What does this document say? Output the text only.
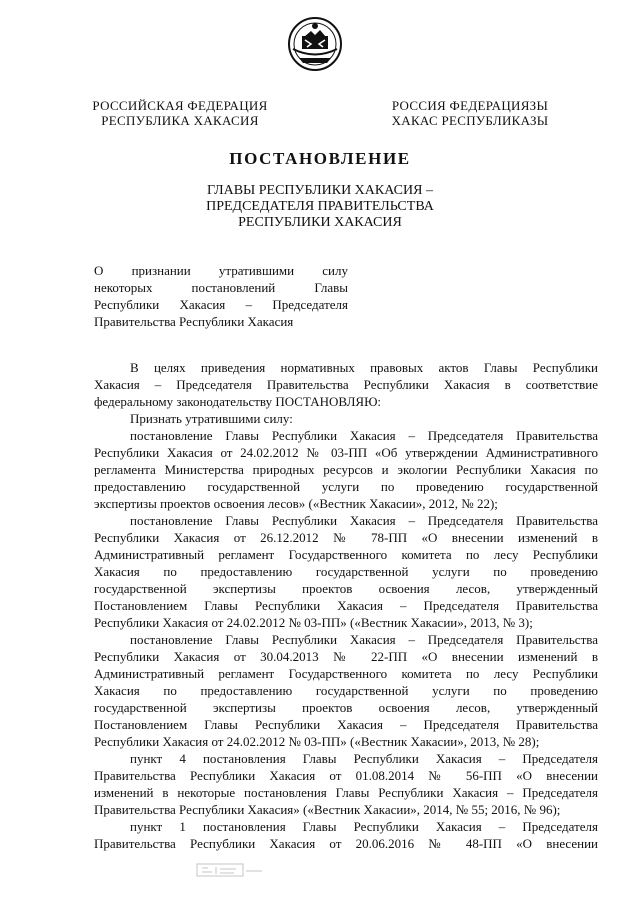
РОССИЙСКАЯ ФЕДЕРАЦИЯ
РЕСПУБЛИКА ХАКАСИЯ
РОССИЯ ФЕДЕРАЦИЯЗЫ
ХАКАС РЕСПУБЛИКАЗЫ
ПОСТАНОВЛЕНИЕ
ГЛАВЫ РЕСПУБЛИКИ ХАКАСИЯ –
ПРЕДСЕДАТЕЛЯ ПРАВИТЕЛЬСТВА
РЕСПУБЛИКИ ХАКАСИЯ
О признании утратившими силу
некоторых постановлений Главы
Республики Хакасия – Председателя
Правительства Республики Хакасия
В целях приведения нормативных правовых актов Главы Республики
Хакасия – Председателя Правительства Республики Хакасия в соответствие
федеральному законодательству ПОСТАНОВЛЯЮ:
Признать утратившими силу:
постановление Главы Республики Хакасия – Председателя Правительства
Республики Хакасия от 24.02.2012 № 03-ПП «Об утверждении Административного
регламента Министерства природных ресурсов и экологии Республики Хакасия по
предоставлению государственной услуги по проведению государственной
экспертизы проектов освоения лесов» («Вестник Хакасии», 2012, № 22);
постановление Главы Республики Хакасия – Председателя Правительства
Республики Хакасия от 26.12.2012 № 78-ПП «О внесении изменений в
Административный регламент Государственного комитета по лесу Республики
Хакасия по предоставлению государственной услуги по проведению
государственной экспертизы проектов освоения лесов, утвержденный
Постановлением Главы Республики Хакасия – Председателя Правительства
Республики Хакасия от 24.02.2012 № 03-ПП» («Вестник Хакасии», 2013, № 3);
постановление Главы Республики Хакасия – Председателя Правительства
Республики Хакасия от 30.04.2013 № 22-ПП «О внесении изменений в
Административный регламент Государственного комитета по лесу Республики
Хакасия по предоставлению государственной услуги по проведению
государственной экспертизы проектов освоения лесов, утвержденный
Постановлением Главы Республики Хакасия – Председателя Правительства
Республики Хакасия от 24.02.2012 № 03-ПП» («Вестник Хакасии», 2013, № 28);
пункт 4 постановления Главы Республики Хакасия – Председателя
Правительства Республики Хакасия от 01.08.2014 № 56-ПП «О внесении
изменений в некоторые постановления Главы Республики Хакасия – Председателя
Правительства Республики Хакасия» («Вестник Хакасии», 2014, № 55; 2016, № 96);
пункт 1 постановления Главы Республики Хакасия – Председателя
Правительства Республики Хакасия от 20.06.2016 № 48-ПП «О внесении
